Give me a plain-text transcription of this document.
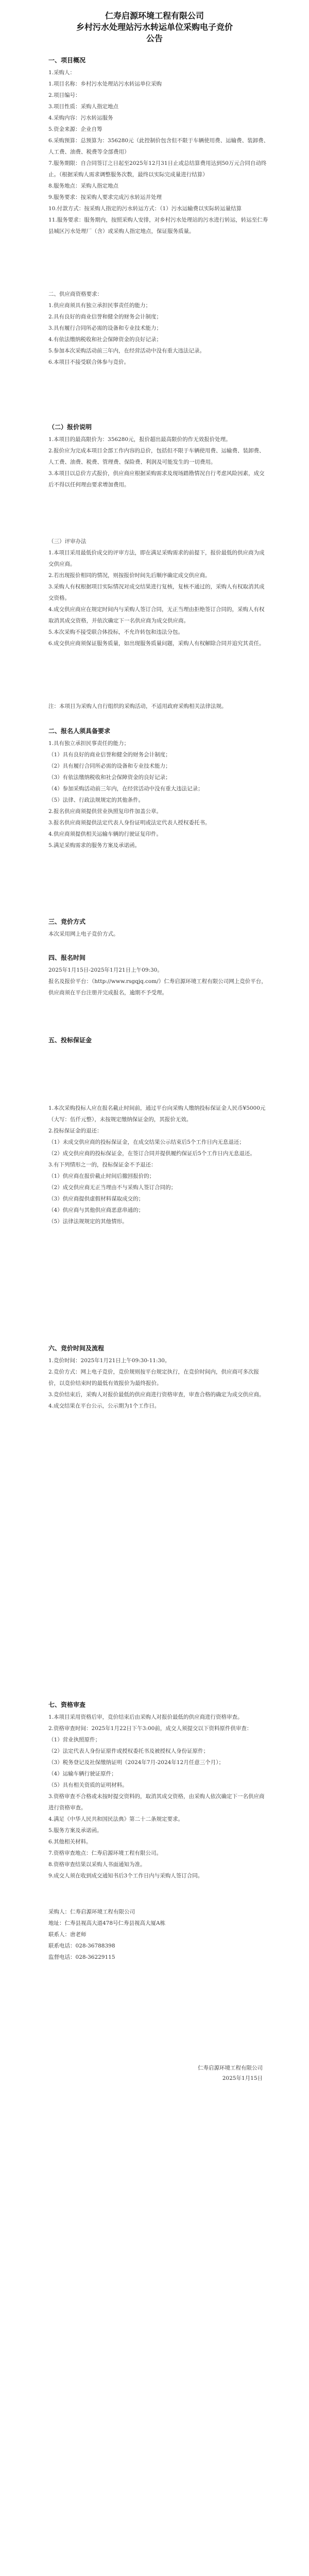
仁寿启源环境工程有限公司
乡村污水处理站污水转运单位采购电子竞价
公告
一、项目概况
1.采购人：
1.项目名称：乡村污水处理站污水转运单位采购
2.项目编号：
3.项目性质：采购人指定地点
4.采购内容：污水转运服务
5.资金来源：企业自筹
6.采购预算：总预算为：356280元（此控制价包含但不限于车辆使用费、运输费、装卸费、人工费、油费、税费等全部费用）
7.服务期限：自合同签订之日起至2025年12月31日止或总结算费用达到50万元合同自动终止。（根据采购人需求调整服务次数，最终以实际完成量进行结算）
8.服务地点：采购人指定地点
9.服务要求：按采购人要求完成污水转运并处理
10.付款方式：按采购人指定的污水转运方式：（1）污水运输费以实际转运量结算
11.服务要求：服务期内，按照采购人安排，对乡村污水处理站的污水进行转运，转运至仁寿县城区污水处理厂（含）或采购人指定地点，保证服务质量。
二、供应商资格要求：
1.供应商须具有独立承担民事责任的能力；
2.具有良好的商业信誉和健全的财务会计制度；
3.具有履行合同所必需的设备和专业技术能力；
4.有依法缴纳税收和社会保障资金的良好记录；
5.参加本次采购活动前三年内，在经营活动中没有重大违法记录。
6.本项目不接受联合体参与竞价。
（二）报价说明
1.本项目的最高限价为：356280元，报价超出最高限价的作无效报价处理。
2.报价应为完成本项目全部工作内容的总价，包括但不限于车辆使用费、运输费、装卸费、人工费、油费、税费、管理费、保险费、利润及可能发生的一切费用。
3.本项目以总价方式报价，供应商应根据采购需求及现场踏勘情况自行考虑风险因素，成交后不得以任何理由要求增加费用。
（三）评审办法
1.本项目采用最低价成交的评审方法，即在满足采购需求的前提下，报价最低的供应商为成交供应商。
2.若出现报价相同的情况，则按报价时间先后顺序确定成交供应商。
3.采购人有权根据项目实际情况对成交结果进行复核，复核不通过的，采购人有权取消其成交资格。
4.成交供应商应在规定时间内与采购人签订合同，无正当理由拒绝签订合同的，采购人有权取消其成交资格，并依次确定下一名供应商为成交供应商。
5.本次采购不接受联合体投标，不允许转包和违法分包。
6.成交供应商须保证服务质量，如出现服务质量问题，采购人有权解除合同并追究其责任。
注：本项目为采购人自行组织的采购活动，不适用政府采购相关法律法规。
二、报名人须具备要求
1.具有独立承担民事责任的能力；
（1）具有良好的商业信誉和健全的财务会计制度；
（2）具有履行合同所必需的设备和专业技术能力；
（3）有依法缴纳税收和社会保障资金的良好记录；
（4）参加采购活动前三年内，在经营活动中没有重大违法记录；
（5）法律、行政法规规定的其他条件。
2.报名供应商须提供营业执照复印件加盖公章。
3.报名供应商须提供法定代表人身份证明或法定代表人授权委托书。
4.供应商须提供相关运输车辆的行驶证复印件。
5.满足采购需求的服务方案及承诺函。
三、竞价方式
本次采用网上电子竞价方式。
四、报名时间
2025年1月15日-2025年1月21日上午09:30。
报名及报价平台：（http://www.rsgqjq.com/）仁寿启源环境工程有限公司网上竞价平台，供应商须在平台注册并完成报名，逾期不予受理。
五、投标保证金
1.本次采购投标人应在报名截止时间前，通过平台向采购人缴纳投标保证金人民币¥5000元（大写：伍仟元整），未按规定缴纳保证金的，其报价无效。
2.投标保证金的退还：
（1）未成交供应商的投标保证金，在成交结果公示结束后5个工作日内无息退还；
（2）成交供应商的投标保证金，在签订合同并提供履约保证后5个工作日内无息退还。
3.有下列情形之一的，投标保证金不予退还：
（1）供应商在报价截止时间后撤回报价的；
（2）成交供应商无正当理由不与采购人签订合同的；
（3）供应商提供虚假材料谋取成交的；
（4）供应商与其他供应商恶意串通的；
（5）法律法规规定的其他情形。
六、竞价时间及流程
1.竞价时间：2025年1月21日上午09:30-11:30。
2.竞价方式：网上电子竞价，竞价规则按平台规定执行，在竞价时间内，供应商可多次报价，以竞价结束时的最低有效报价为最终报价。
3.竞价结束后，采购人对报价最低的供应商进行资格审查，审查合格的确定为成交供应商。
4.成交结果在平台公示，公示期为1个工作日。
七、资格审查
1.本项目采用资格后审，竞价结束后由采购人对报价最低的供应商进行资格审查。
2.资格审查时间：2025年1月22日下午3:00前，成交人须提交以下资料原件供审查：
（1）营业执照原件；
（2）法定代表人身份证原件或授权委托书及被授权人身份证原件；
（3）税务登记及社保缴纳证明（2024年7月-2024年12月任意三个月）；
（4）运输车辆行驶证原件；
（5）具有相关资质的证明材料。
3.资格审查不合格或未按时提交资料的，取消其成交资格，由采购人依次确定下一名供应商进行资格审查。
4.满足《中华人民共和国民法典》第二十二条规定要求。
5.服务方案及承诺函。
6.其他相关材料。
7.资格审查地点：仁寿启源环境工程有限公司。
8.资格审查结果以采购人书面通知为准。
9.成交人须在收到成交通知书后3个工作日内与采购人签订合同。
采购人：仁寿启源环境工程有限公司
地址：仁寿县视高大道478号仁寿县视高大厦A栋
联系人：唐老师
联系电话：028-36788398
监督电话：028-36229115
仁寿启源环境工程有限公司
2025年1月15日
